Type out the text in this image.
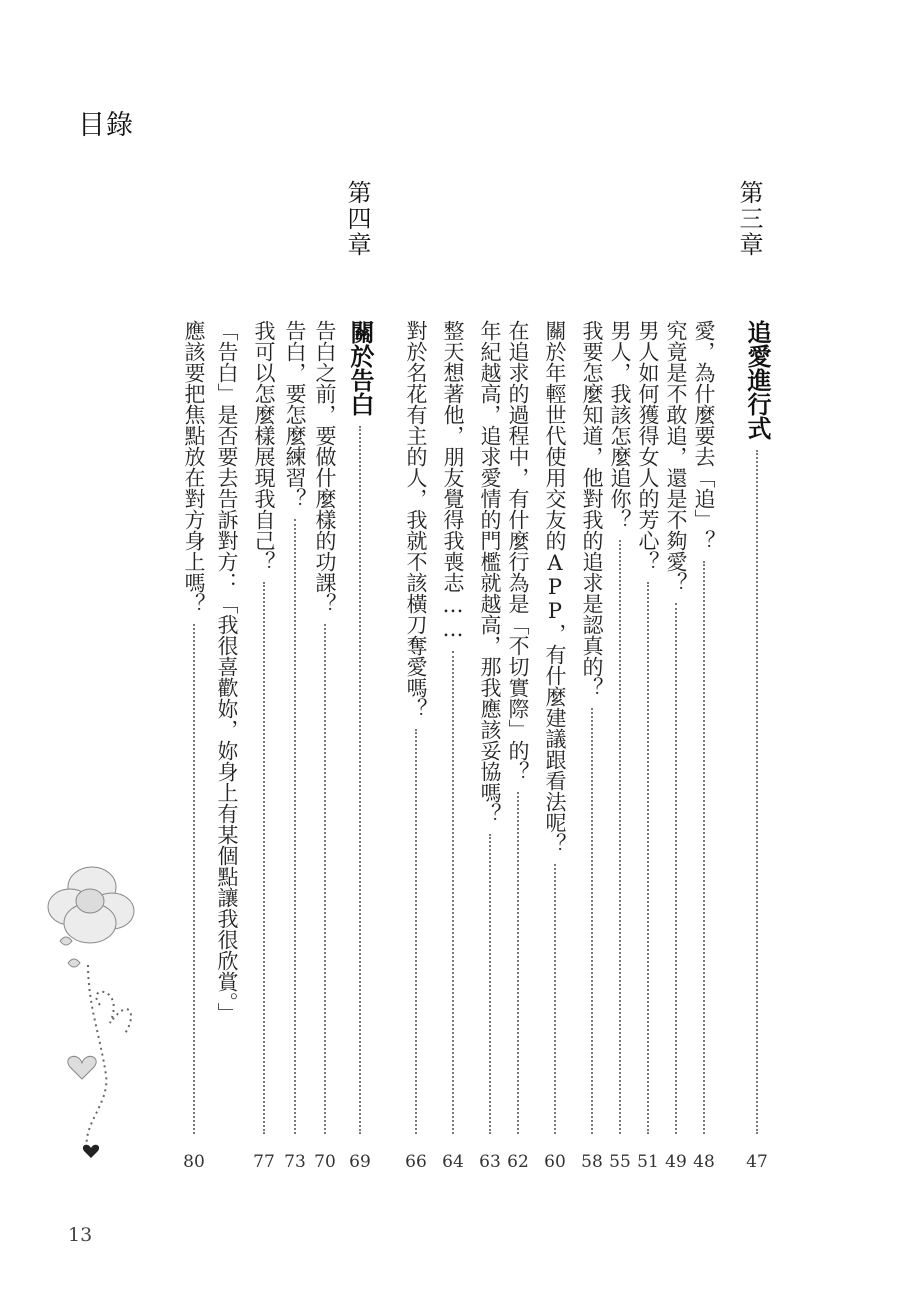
目錄
第三章
第四章
追愛進行式
47
愛，為什麼要去「追」？
48
究竟是不敢追，還是不夠愛？
49
男人如何獲得女人的芳心？
51
男人，我該怎麼追你？
55
我要怎麼知道，他對我的追求是認真的？
58
關於年輕世代使用交友的APP，有什麼建議跟看法呢？
60
在追求的過程中，有什麼行為是「不切實際」的？
62
年紀越高，追求愛情的門檻就越高，那我應該妥協嗎？
63
整天想著他，朋友覺得我喪志……
64
對於名花有主的人，我就不該橫刀奪愛嗎？
66
關於告白
69
告白之前，要做什麼樣的功課？
70
告白，要怎麼練習？
73
我可以怎麼樣展現我自己？
77
「告白」是否要去告訴對方：「我很喜歡妳，妳身上有某個點讓我很欣賞。」
應該要把焦點放在對方身上嗎？
80
13
